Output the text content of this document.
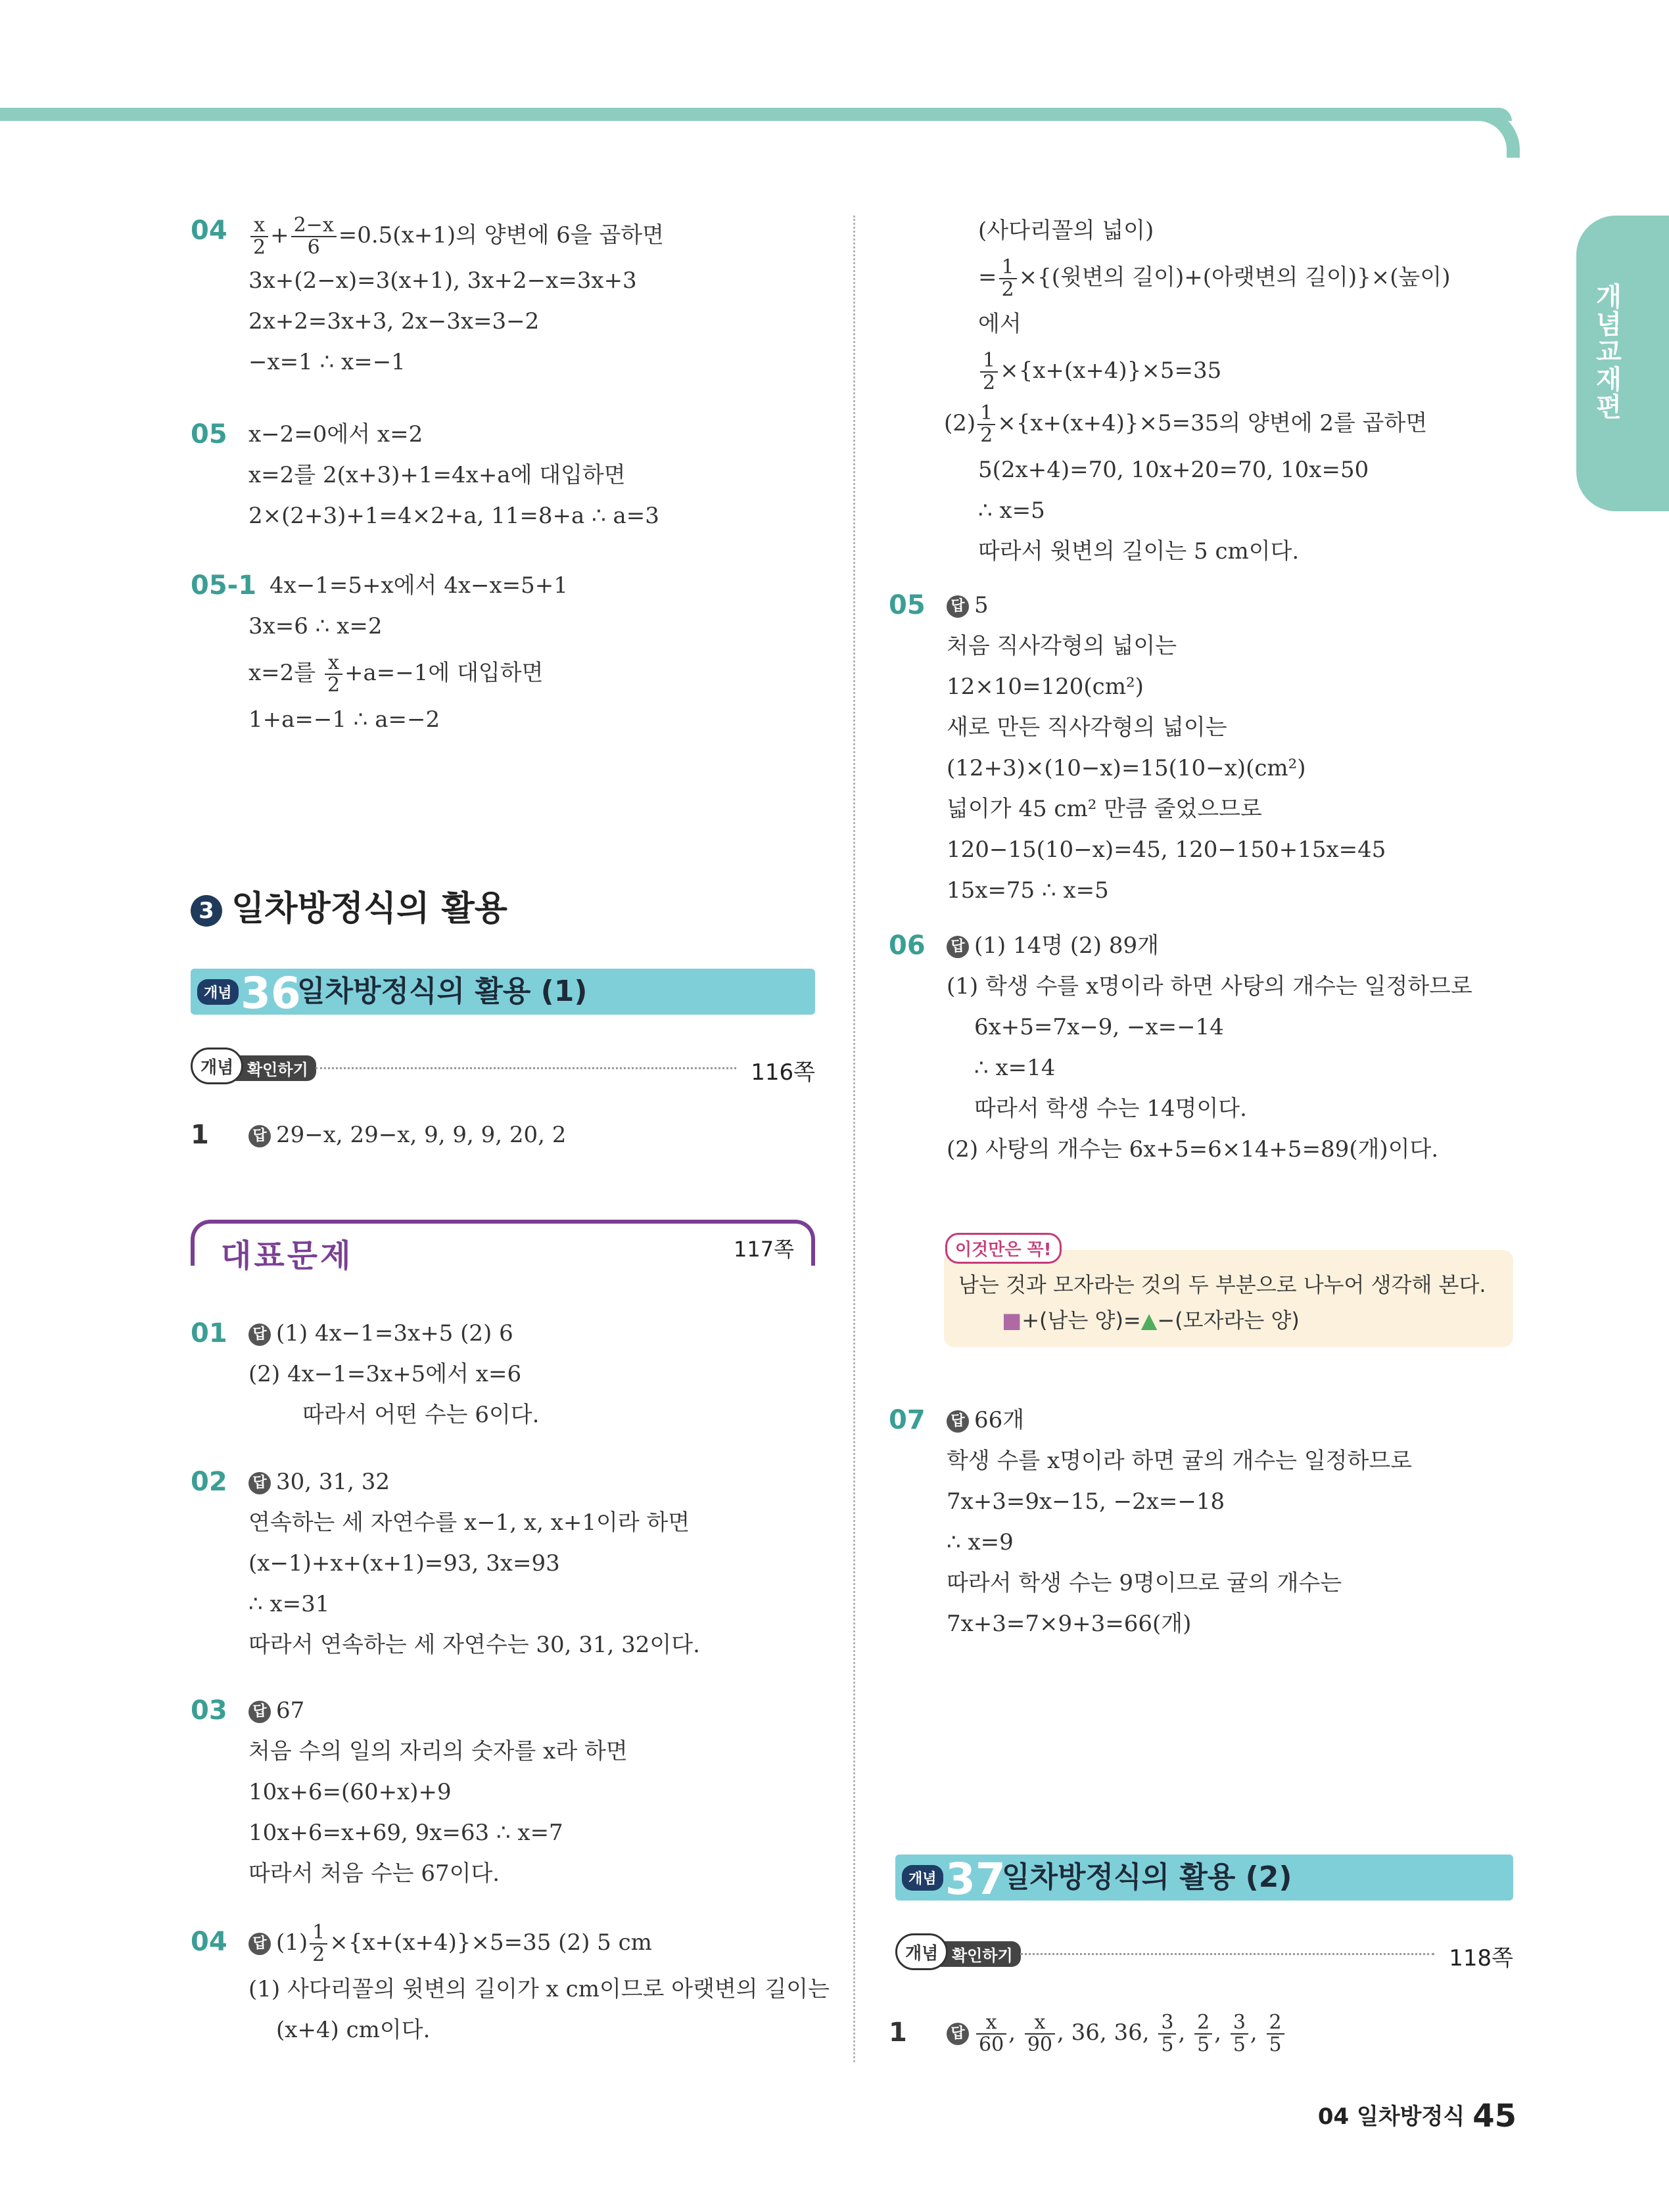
개념교재편
$04 \frac{x}{2} + \frac{2-x}{6} =0.5(x+1)$의 양변에 6을 곱하면
3x+(2−x)=3(x+1), 3x+2−x=3x+3
2x+2=3x+3, 2x−3x=3−2
−x=1 ∴ x=−1
05 x−2=0에서 x=2
x=2를 2(x+3)+1=4x+a에 대입하면
2×(2+3)+1=4×2+a, 11=8+a ∴ a=3
05-1 4x−1=5+x에서 4x−x=5+1
3x=6 ∴ x=2
x=2를 $\frac{x}{2} +a=-1$에 대입하면
1+a=−1 ∴ a=−2
3 일차방정식의 활용
개념 36
일차방정식의 활용 (1)
확인하기
개념	116쪽
1	답 29−x, 29−x, 9, 9, 9, 20, 2
대표문제	117쪽
01	답 (1) 4x−1=3x+5 (2) 6
(2) 4x−1=3x+5에서 x=6
따라서 어떤 수는 6이다.
02	답 30, 31, 32
연속하는 세 자연수를 x−1, x, x+1이라 하면
(x−1)+x+(x+1)=93, 3x=93
∴ x=31
따라서 연속하는 세 자연수는 30, 31, 32이다.
03	답 67
처음 수의 일의 자리의 숫자를 x라 하면
10x+6=(60+x)+9
10x+6=x+69, 9x=63 ∴ x=7
따라서 처음 수는 67이다.
04	답 $(1) \frac{1}{2} \times\{x+(x+4)\}\times 5=35$ (2) 5 cm
(1) 사다리꼴의 윗변의 길이가 x cm이므로 아랫변의 길이는
(x+4) cm이다.
(사다리꼴의 넓이)
= $\frac{1}{2}$ ×{(윗변의 길이)+(아랫변의 길이)}×(높이)
에서
$\frac{1}{2} \times\{x+(x+4)\}\times 5=35$
$(2) \frac{1}{2} \times\{x+(x+4)\}\times 5=35$의 양변에 2를 곱하면
5(2x+4)=70, 10x+20=70, 10x=50
∴ x=5
따라서 윗변의 길이는 5 cm이다.
05	답 5
처음 직사각형의 넓이는
12×10=120(cm²)
새로 만든 직사각형의 넓이는
(12+3)×(10−x)=15(10−x)(cm²)
넓이가 45 cm² 만큼 줄었으므로
120−15(10−x)=45, 120−150+15x=45
15x=75 ∴ x=5
06	답 (1) 14명 (2) 89개
(1) 학생 수를 x명이라 하면 사탕의 개수는 일정하므로
6x+5=7x−9, −x=−14
∴ x=14
따라서 학생 수는 14명이다.
(2) 사탕의 개수는 6x+5=6×14+5=89(개)이다.
이것만은 꼭!
남는 것과 모자라는 것의 두 부분으로 나누어 생각해 본다.
■+(남는 양)=▲−(모자라는 양)
07	답 66개
학생 수를 x명이라 하면 귤의 개수는 일정하므로
7x+3=9x−15, −2x=−18
∴ x=9
따라서 학생 수는 9명이므로 귤의 개수는
7x+3=7×9+3=66(개)
개념 37
일차방정식의 활용 (2)
확인하기
개념	118쪽
1	답 $\frac{x}{60}$ , $\frac{x}{90}$ , 36, 36, $\frac{3}{5}$ , $\frac{2}{5}$ , $\frac{3}{5}$ , $\frac{2}{5}$
04 일차방정식 45
